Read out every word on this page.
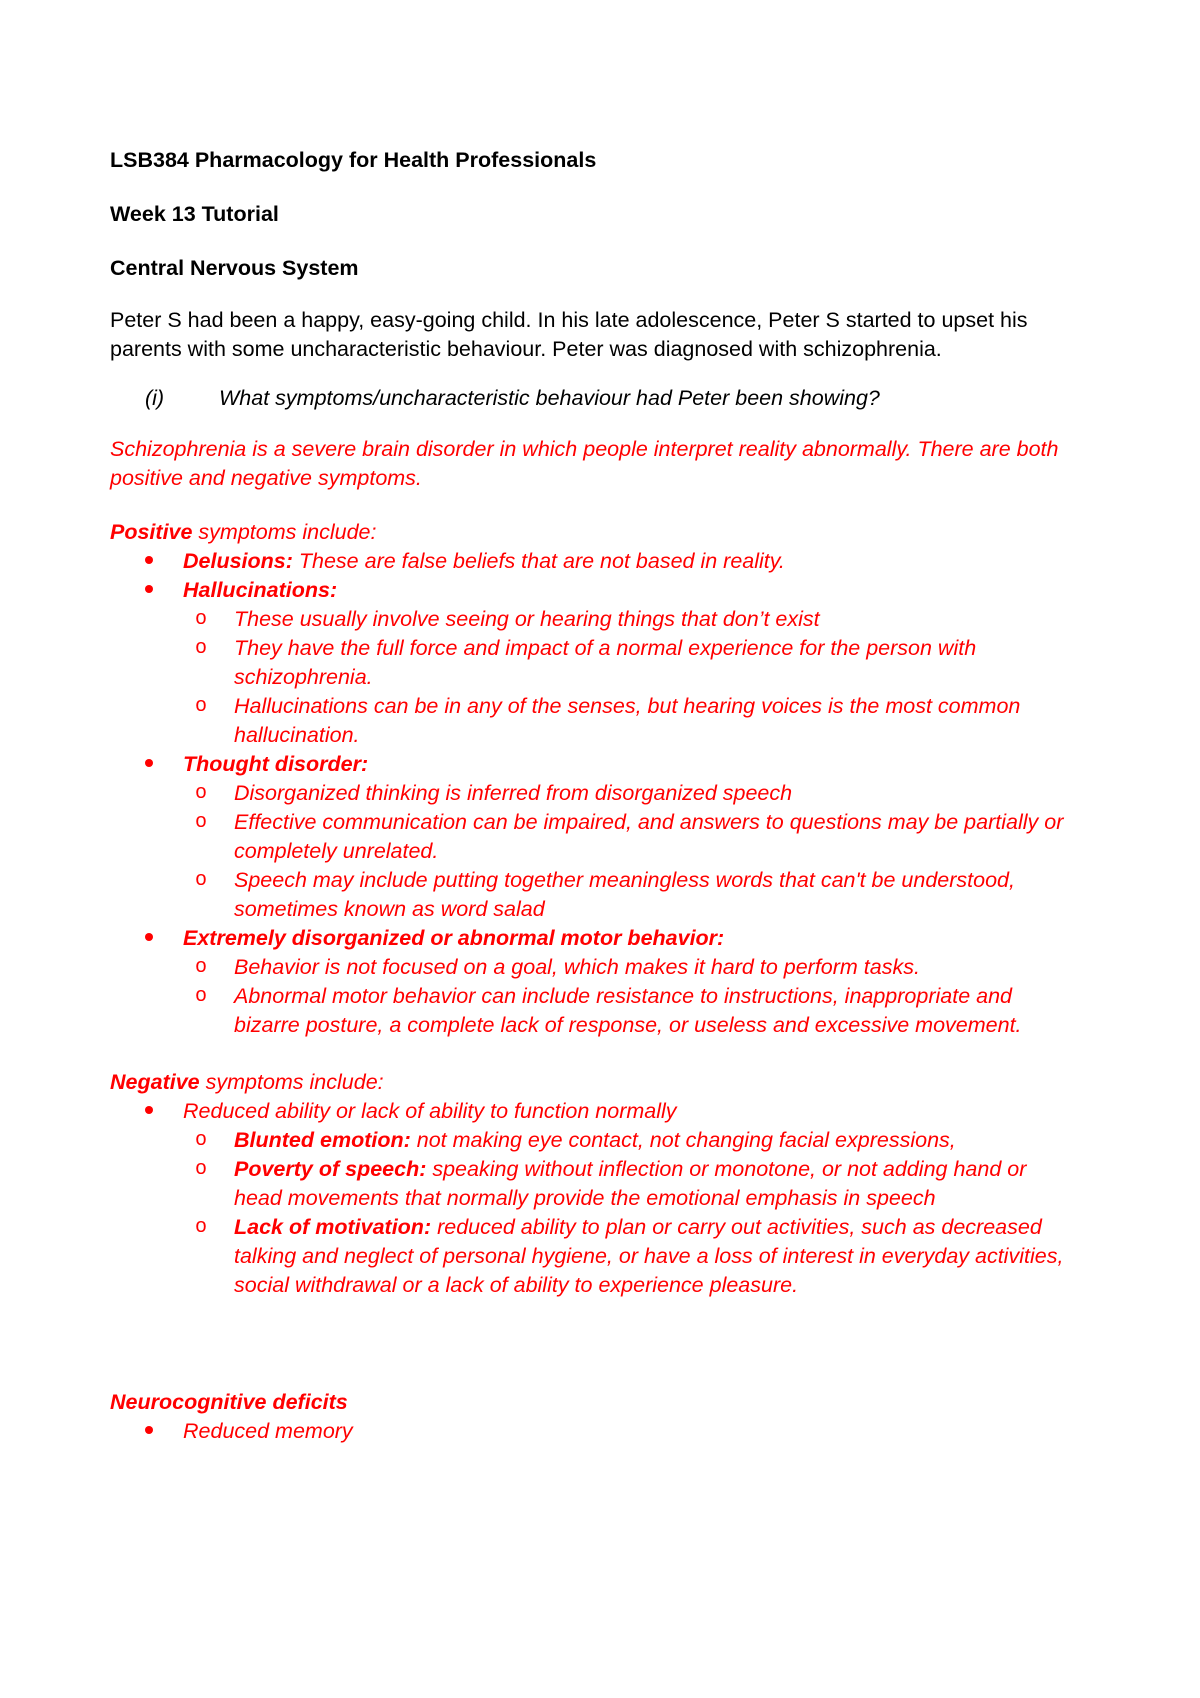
LSB384 Pharmacology for Health Professionals

Week 13 Tutorial

Central Nervous System

Peter S had been a happy, easy-going child. In his late adolescence, Peter S started to upset his parents with some uncharacteristic behaviour. Peter was diagnosed with schizophrenia.

(i)	What symptoms/uncharacteristic behaviour had Peter been showing?

Schizophrenia is a severe brain disorder in which people interpret reality abnormally. There are both positive and negative symptoms.

Positive symptoms include:

Delusions: These are false beliefs that are not based in reality.
Hallucinations:
o These usually involve seeing or hearing things that don’t exist
o They have the full force and impact of a normal experience for the person with schizophrenia.
o Hallucinations can be in any of the senses, but hearing voices is the most common hallucination.
Thought disorder:
o Disorganized thinking is inferred from disorganized speech
o Effective communication can be impaired, and answers to questions may be partially or completely unrelated.
o Speech may include putting together meaningless words that can't be understood, sometimes known as word salad
Extremely disorganized or abnormal motor behavior:
o Behavior is not focused on a goal, which makes it hard to perform tasks.
o Abnormal motor behavior can include resistance to instructions, inappropriate and bizarre posture, a complete lack of response, or useless and excessive movement.

Negative symptoms include:

Reduced ability or lack of ability to function normally
o Blunted emotion: not making eye contact, not changing facial expressions,
o Poverty of speech: speaking without inflection or monotone, or not adding hand or head movements that normally provide the emotional emphasis in speech
o Lack of motivation: reduced ability to plan or carry out activities, such as decreased talking and neglect of personal hygiene, or have a loss of interest in everyday activities, social withdrawal or a lack of ability to experience pleasure.

Neurocognitive deficits

Reduced memory
